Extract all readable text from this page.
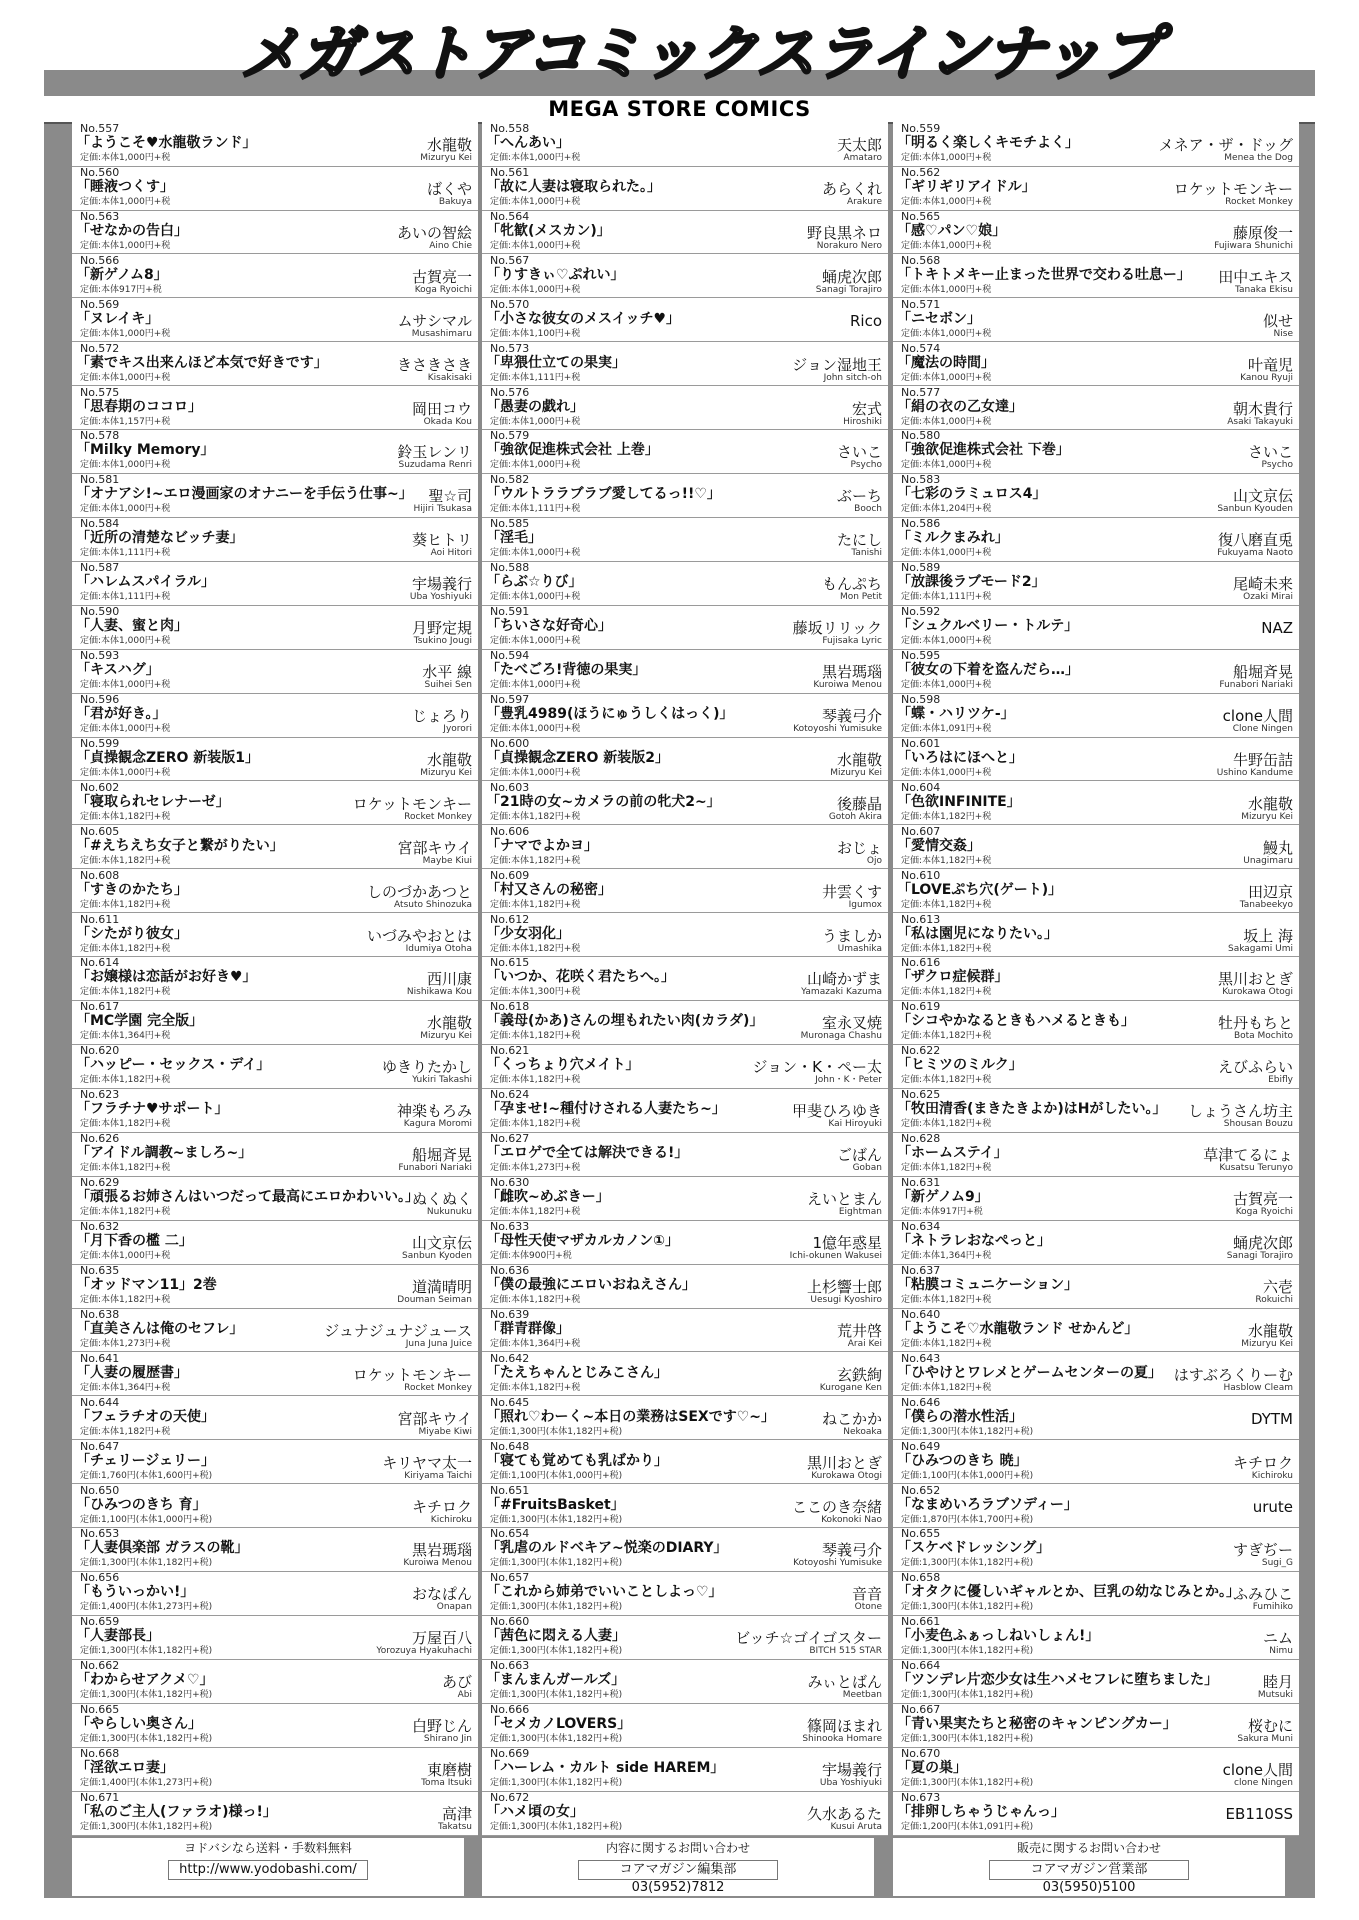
メガストアコミックスラインナップ
MEGA STORE COMICS
No.557
「ようこそ♥水龍敬ランド」
定価:本体1,000円+税
水龍敬
Mizuryu Kei
No.560
「睡液つくす」
定価:本体1,000円+税
ばくや
Bakuya
No.563
「せなかの告白」
定価:本体1,000円+税
あいの智絵
Aino Chie
No.566
「新ゲノム8」
定価:本体917円+税
古賀亮一
Koga Ryoichi
No.569
「ヌレイキ」
定価:本体1,000円+税
ムサシマル
Musashimaru
No.572
「素でキス出来んほど本気で好きです」
定価:本体1,000円+税
きさきさき
Kisakisaki
No.575
「思春期のココロ」
定価:本体1,157円+税
岡田コウ
Okada Kou
No.578
「Milky Memory」
定価:本体1,000円+税
鈴玉レンリ
Suzudama Renri
No.581
「オナアシ!~エロ漫画家のオナニーを手伝う仕事~」
定価:本体1,000円+税
聖☆司
Hijiri Tsukasa
No.584
「近所の清楚なビッチ妻」
定価:本体1,111円+税
葵ヒトリ
Aoi Hitori
No.587
「ハレムスパイラル」
定価:本体1,111円+税
宇場義行
Uba Yoshiyuki
No.590
「人妻、蜜と肉」
定価:本体1,000円+税
月野定規
Tsukino Jougi
No.593
「キスハグ」
定価:本体1,000円+税
水平 線
Suihei Sen
No.596
「君が好き。」
定価:本体1,000円+税
じょろり
Jyorori
No.599
「貞操観念ZERO 新装版1」
定価:本体1,000円+税
水龍敬
Mizuryu Kei
No.602
「寝取られセレナーゼ」
定価:本体1,182円+税
ロケットモンキー
Rocket Monkey
No.605
「#えちえち女子と繋がりたい」
定価:本体1,182円+税
宮部キウイ
Maybe Kiui
No.608
「すきのかたち」
定価:本体1,182円+税
しのづかあつと
Atsuto Shinozuka
No.611
「シたがり彼女」
定価:本体1,182円+税
いづみやおとは
Idumiya Otoha
No.614
「お嬢様は恋話がお好き♥」
定価:本体1,182円+税
西川康
Nishikawa Kou
No.617
「MC学園 完全版」
定価:本体1,364円+税
水龍敬
Mizuryu Kei
No.620
「ハッピー・セックス・デイ」
定価:本体1,182円+税
ゆきりたかし
Yukiri Takashi
No.623
「フラチナ♥サポート」
定価:本体1,182円+税
神楽もろみ
Kagura Moromi
No.626
「アイドル調教~ましろ~」
定価:本体1,182円+税
船堀斉晃
Funabori Nariaki
No.629
「頑張るお姉さんはいつだって最高にエロかわいい。」
定価:本体1,182円+税
ぬくぬく
Nukunuku
No.632
「月下香の檻 二」
定価:本体1,000円+税
山文京伝
Sanbun Kyoden
No.635
「オッドマン11」2巻
定価:本体1,182円+税
道満晴明
Douman Seiman
No.638
「直美さんは俺のセフレ」
定価:本体1,273円+税
ジュナジュナジュース
Juna Juna Juice
No.641
「人妻の履歴書」
定価:本体1,364円+税
ロケットモンキー
Rocket Monkey
No.644
「フェラチオの天使」
定価:本体1,182円+税
宮部キウイ
Miyabe Kiwi
No.647
「チェリージェリー」
定価:1,760円(本体1,600円+税)
キリヤマ太一
Kiriyama Taichi
No.650
「ひみつのきち 育」
定価:1,100円(本体1,000円+税)
キチロク
Kichiroku
No.653
「人妻倶楽部 ガラスの靴」
定価:1,300円(本体1,182円+税)
黒岩瑪瑙
Kuroiwa Menou
No.656
「もういっかい!」
定価:1,400円(本体1,273円+税)
おなぱん
Onapan
No.659
「人妻部長」
定価:1,300円(本体1,182円+税)
万屋百八
Yorozuya Hyakuhachi
No.662
「わからせアクメ♡」
定価:1,300円(本体1,182円+税)
あび
Abi
No.665
「やらしい奥さん」
定価:1,300円(本体1,182円+税)
白野じん
Shirano Jin
No.668
「淫欲エロ妻」
定価:1,400円(本体1,273円+税)
東磨樹
Toma Itsuki
No.671
「私のご主人(ファラオ)様っ!」
定価:1,300円(本体1,182円+税)
高津
Takatsu
No.558
「へんあい」
定価:本体1,000円+税
天太郎
Amataro
No.561
「故に人妻は寝取られた。」
定価:本体1,000円+税
あらくれ
Arakure
No.564
「牝歓(メスカン)」
定価:本体1,000円+税
野良黒ネロ
Norakuro Nero
No.567
「りすきぃ♡ぷれい」
定価:本体1,000円+税
蛹虎次郎
Sanagi Torajiro
No.570
「小さな彼女のメスイッチ♥」
定価:本体1,100円+税
Rico
No.573
「卑猥仕立ての果実」
定価:本体1,111円+税
ジョン湿地王
John sitch-oh
No.576
「愚妻の戯れ」
定価:本体1,000円+税
宏式
Hiroshiki
No.579
「強欲促進株式会社 上巻」
定価:本体1,000円+税
さいこ
Psycho
No.582
「ウルトララブラブ愛してるっ!!♡」
定価:本体1,111円+税
ぶーち
Booch
No.585
「淫毛」
定価:本体1,000円+税
たにし
Tanishi
No.588
「らぶ☆りび」
定価:本体1,000円+税
もんぷち
Mon Petit
No.591
「ちいさな好奇心」
定価:本体1,000円+税
藤坂リリック
Fujisaka Lyric
No.594
「たべごろ!背徳の果実」
定価:本体1,000円+税
黒岩瑪瑙
Kuroiwa Menou
No.597
「豊乳4989(ほうにゅうしくはっく)」
定価:本体1,000円+税
琴義弓介
Kotoyoshi Yumisuke
No.600
「貞操観念ZERO 新装版2」
定価:本体1,000円+税
水龍敬
Mizuryu Kei
No.603
「21時の女~カメラの前の牝犬2~」
定価:本体1,182円+税
後藤晶
Gotoh Akira
No.606
「ナマでよかヨ」
定価:本体1,182円+税
おじょ
Ojo
No.609
「村又さんの秘密」
定価:本体1,182円+税
井雲くす
Igumox
No.612
「少女羽化」
定価:本体1,182円+税
うましか
Umashika
No.615
「いつか、花咲く君たちへ。」
定価:本体1,300円+税
山崎かずま
Yamazaki Kazuma
No.618
「義母(かあ)さんの埋もれたい肉(カラダ)」
定価:本体1,182円+税
室永叉焼
Muronaga Chashu
No.621
「くっちょり穴メイト」
定価:本体1,182円+税
ジョン・K・ペー太
John・K・Peter
No.624
「孕ませ!~種付けされる人妻たち~」
定価:本体1,182円+税
甲斐ひろゆき
Kai Hiroyuki
No.627
「エロゲで全ては解決できる!」
定価:本体1,273円+税
ごばん
Goban
No.630
「雌吹~めぶきー」
定価:本体1,182円+税
えいとまん
Eightman
No.633
「母性天使マザカルカノン①」
定価:本体900円+税
1億年惑星
Ichi-okunen Wakusei
No.636
「僕の最強にエロいおねえさん」
定価:本体1,182円+税
上杉響士郎
Uesugi Kyoshiro
No.639
「群青群像」
定価:本体1,364円+税
荒井啓
Arai Kei
No.642
「たえちゃんとじみこさん」
定価:本体1,182円+税
玄鉄絢
Kurogane Ken
No.645
「照れ♡わーく~本日の業務はSEXです♡~」
定価:1,300円(本体1,182円+税)
ねこかか
Nekoaka
No.648
「寝ても覚めても乳ばかり」
定価:1,100円(本体1,000円+税)
黒川おとぎ
Kurokawa Otogi
No.651
「#FruitsBasket」
定価:1,300円(本体1,182円+税)
ここのき奈緒
Kokonoki Nao
No.654
「乳虐のルドベキア~悦楽のDIARY」
定価:1,300円(本体1,182円+税)
琴義弓介
Kotoyoshi Yumisuke
No.657
「これから姉弟でいいことしよっ♡」
定価:1,300円(本体1,182円+税)
音音
Otone
No.660
「茜色に悶える人妻」
定価:1,300円(本体1,182円+税)
ビッチ☆ゴイゴスター
BITCH 515 STAR
No.663
「まんまんガールズ」
定価:1,300円(本体1,182円+税)
みぃとばん
Meetban
No.666
「セメカノLOVERS」
定価:1,300円(本体1,182円+税)
篠岡ほまれ
Shinooka Homare
No.669
「ハーレム・カルト side HAREM」
定価:1,300円(本体1,182円+税)
宇場義行
Uba Yoshiyuki
No.672
「ハメ頃の女」
定価:1,300円(本体1,182円+税)
久水あるた
Kusui Aruta
No.559
「明るく楽しくキモチよく」
定価:本体1,000円+税
メネア・ザ・ドッグ
Menea the Dog
No.562
「ギリギリアイドル」
定価:本体1,000円+税
ロケットモンキー
Rocket Monkey
No.565
「感♡パン♡娘」
定価:本体1,000円+税
藤原俊一
Fujiwara Shunichi
No.568
「トキトメキー止まった世界で交わる吐息ー」
定価:本体1,000円+税
田中エキス
Tanaka Ekisu
No.571
「ニセボン」
定価:本体1,000円+税
似せ
Nise
No.574
「魔法の時間」
定価:本体1,000円+税
叶竜児
Kanou Ryuji
No.577
「絹の衣の乙女達」
定価:本体1,000円+税
朝木貴行
Asaki Takayuki
No.580
「強欲促進株式会社 下巻」
定価:本体1,000円+税
さいこ
Psycho
No.583
「七彩のラミュロス4」
定価:本体1,204円+税
山文京伝
Sanbun Kyouden
No.586
「ミルクまみれ」
定価:本体1,000円+税
復八磨直兎
Fukuyama Naoto
No.589
「放課後ラブモード2」
定価:本体1,111円+税
尾崎未来
Ozaki Mirai
No.592
「シュクルベリー・トルテ」
定価:本体1,000円+税
NAZ
No.595
「彼女の下着を盗んだら…」
定価:本体1,000円+税
船堀斉晃
Funabori Nariaki
No.598
「蝶・ハリツケ-」
定価:本体1,091円+税
clone人間
Clone Ningen
No.601
「いろはにほへと」
定価:本体1,000円+税
牛野缶詰
Ushino Kandume
No.604
「色欲INFINITE」
定価:本体1,182円+税
水龍敬
Mizuryu Kei
No.607
「愛情交姦」
定価:本体1,182円+税
鰻丸
Unagimaru
No.610
「LOVEぷち穴(ゲート)」
定価:本体1,182円+税
田辺京
Tanabeekyo
No.613
「私は園児になりたい。」
定価:本体1,182円+税
坂上 海
Sakagami Umi
No.616
「ザクロ症候群」
定価:本体1,182円+税
黒川おとぎ
Kurokawa Otogi
No.619
「シコやかなるときもハメるときも」
定価:本体1,182円+税
牡丹もちと
Bota Mochito
No.622
「ヒミツのミルク」
定価:本体1,182円+税
えびふらい
Ebifly
No.625
「牧田清香(まきたきよか)はHがしたい。」
定価:本体1,182円+税
しょうさん坊主
Shousan Bouzu
No.628
「ホームステイ」
定価:本体1,182円+税
草津てるにょ
Kusatsu Terunyo
No.631
「新ゲノム9」
定価:本体917円+税
古賀亮一
Koga Ryoichi
No.634
「ネトラレおなぺっと」
定価:本体1,364円+税
蛹虎次郎
Sanagi Torajiro
No.637
「粘膜コミュニケーション」
定価:本体1,182円+税
六壱
Rokuichi
No.640
「ようこそ♡水龍敬ランド せかんど」
定価:本体1,182円+税
水龍敬
Mizuryu Kei
No.643
「ひやけとワレメとゲームセンターの夏」
定価:本体1,182円+税
はすぶろくりーむ
Hasblow Cleam
No.646
「僕らの潜水性活」
定価:1,300円(本体1,182円+税)
DYTM
No.649
「ひみつのきち 暁」
定価:1,100円(本体1,000円+税)
キチロク
Kichiroku
No.652
「なまめいろラブソディー」
定価:1,870円(本体1,700円+税)
urute
No.655
「スケベドレッシング」
定価:1,300円(本体1,182円+税)
すぎぢー
Sugi_G
No.658
「オタクに優しいギャルとか、巨乳の幼なじみとか。」
定価:1,300円(本体1,182円+税)
ふみひこ
Fumihiko
No.661
「小麦色ふぁっしねいしょん!」
定価:1,300円(本体1,182円+税)
ニム
Nimu
No.664
「ツンデレ片恋少女は生ハメセフレに堕ちました」
定価:1,300円(本体1,182円+税)
睦月
Mutsuki
No.667
「青い果実たちと秘密のキャンピングカー」
定価:1,300円(本体1,182円+税)
桜むに
Sakura Muni
No.670
「夏の巣」
定価:1,300円(本体1,182円+税)
clone人間
clone Ningen
No.673
「排卵しちゃうじゃんっ」
定価:1,200円(本体1,091円+税)
EB110SS
ヨドバシなら送料・手数料無料
http://www.yodobashi.com/
内容に関するお問い合わせ
コアマガジン編集部 03(5952)7812
販売に関するお問い合わせ
コアマガジン営業部 03(5950)5100
